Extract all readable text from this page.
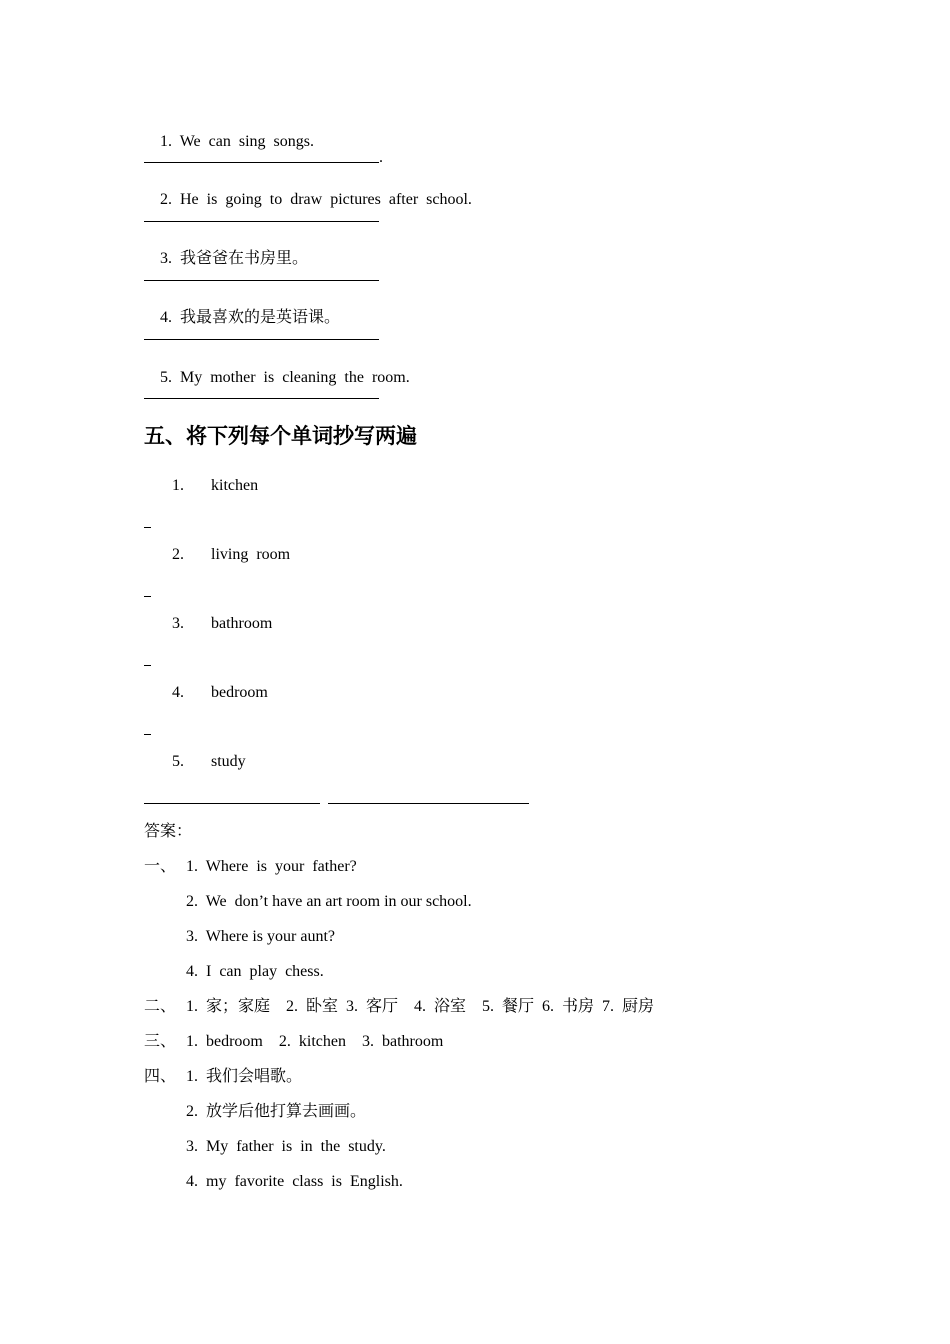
1. We  can  sing  songs.

.

2. He  is  going  to  draw  pictures  after  school.

3. 我爸爸在书房里。

4. 我最喜欢的是英语课。

5. My  mother  is  cleaning  the  room.

五、将下列每个单词抄写两遍
1. kitchen
2. living  room
3. bathroom
4. bedroom
5. study
答案：
一、 1.  Where  is  your  father?
2.  We  don’t have an art room in our school.
3.  Where is your aunt?
4.  I  can  play  chess.
二、 1.  家；家庭    2.  卧室  3.  客厅    4.  浴室    5.  餐厅  6.  书房  7.  厨房
三、 1.  bedroom    2.  kitchen    3.  bathroom
四、 1.  我们会唱歌。
2.  放学后他打算去画画。
3.  My  father  is  in  the  study.
4.  my  favorite  class  is  English.
